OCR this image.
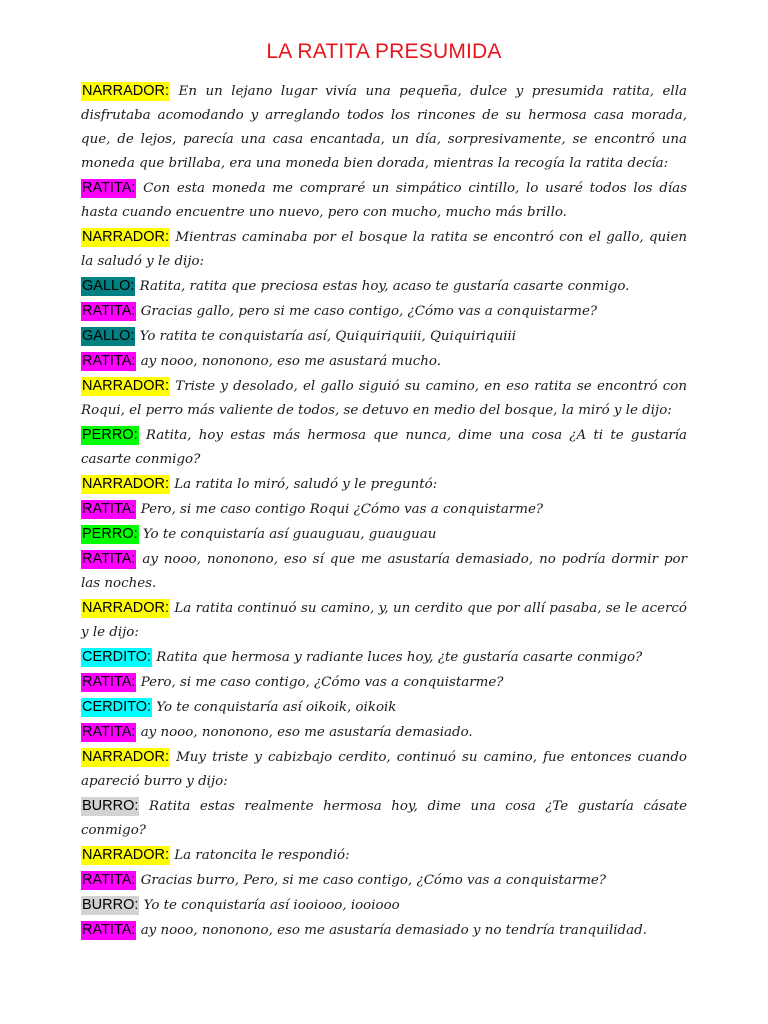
LA RATITA PRESUMIDA

NARRADOR: En un lejano lugar vivía una pequeña, dulce y presumida ratita, ella disfrutaba acomodando y arreglando todos los rincones de su hermosa casa morada, que, de lejos, parecía una casa encantada, un día, sorpresivamente, se encontró una moneda que brillaba, era una moneda bien dorada, mientras la recogía la ratita decía:

RATITA: Con esta moneda me compraré un simpático cintillo, lo usaré todos los días hasta cuando encuentre uno nuevo, pero con mucho, mucho más brillo.

NARRADOR: Mientras caminaba por el bosque la ratita se encontró con el gallo, quien la saludó y le dijo:

GALLO: Ratita, ratita que preciosa estas hoy, acaso te gustaría casarte conmigo.

RATITA: Gracias gallo, pero si me caso contigo, ¿Cómo vas a conquistarme?

GALLO: Yo ratita te conquistaría así, Quiquiriquiii, Quiquiriquiii

RATITA: ay nooo, nononono, eso me asustará mucho.

NARRADOR: Triste y desolado, el gallo siguió su camino, en eso ratita se encontró con Roqui, el perro más valiente de todos, se detuvo en medio del bosque, la miró y le dijo:

PERRO: Ratita, hoy estas más hermosa que nunca, dime una cosa ¿A ti te gustaría casarte conmigo?

NARRADOR: La ratita lo miró, saludó y le preguntó:

RATITA: Pero, si me caso contigo Roqui ¿Cómo vas a conquistarme?

PERRO: Yo te conquistaría así guauguau, guauguau

RATITA: ay nooo, nononono, eso sí que me asustaría demasiado, no podría dormir por las noches.

NARRADOR: La ratita continuó su camino, y, un cerdito que por allí pasaba, se le acercó y le dijo:

CERDITO: Ratita que hermosa y radiante luces hoy, ¿te gustaría casarte conmigo?

RATITA: Pero, si me caso contigo, ¿Cómo vas a conquistarme?

CERDITO: Yo te conquistaría así oikoik, oikoik

RATITA: ay nooo, nononono, eso me asustaría demasiado.

NARRADOR: Muy triste y cabizbajo cerdito, continuó su camino, fue entonces cuando apareció burro y dijo:

BURRO: Ratita estas realmente hermosa hoy, dime una cosa ¿Te gustaría cásate conmigo?

NARRADOR: La ratoncita le respondió:

RATITA: Gracias burro, Pero, si me caso contigo, ¿Cómo vas a conquistarme?

BURRO: Yo te conquistaría así iooiooo, iooiooo

RATITA: ay nooo, nononono, eso me asustaría demasiado y no tendría tranquilidad.
